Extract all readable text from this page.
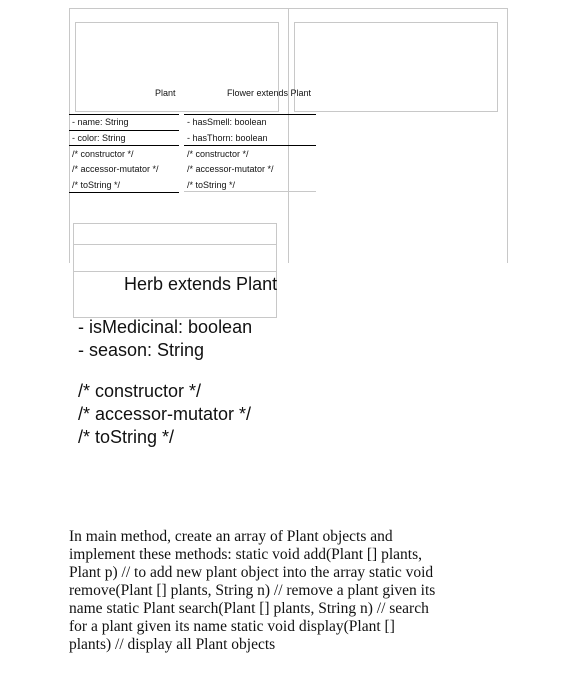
Plant
- name: String
- color: String
/* constructor */
/* accessor-mutator */
/* toString */
Flower extends Plant
- hasSmell: boolean
- hasThorn: boolean
/* constructor */
/* accessor-mutator */
/* toString */
Herb extends Plant
- isMedicinal: boolean
- season: String
/* constructor */
/* accessor-mutator */
/* toString */
In main method, create an array of Plant objects and implement these methods: static void add(Plant [] plants, Plant p) // to add new plant object into the array static void remove(Plant [] plants, String n) // remove a plant given its name static Plant search(Plant [] plants, String n) // search for a plant given its name static void display(Plant [] plants) // display all Plant objects
